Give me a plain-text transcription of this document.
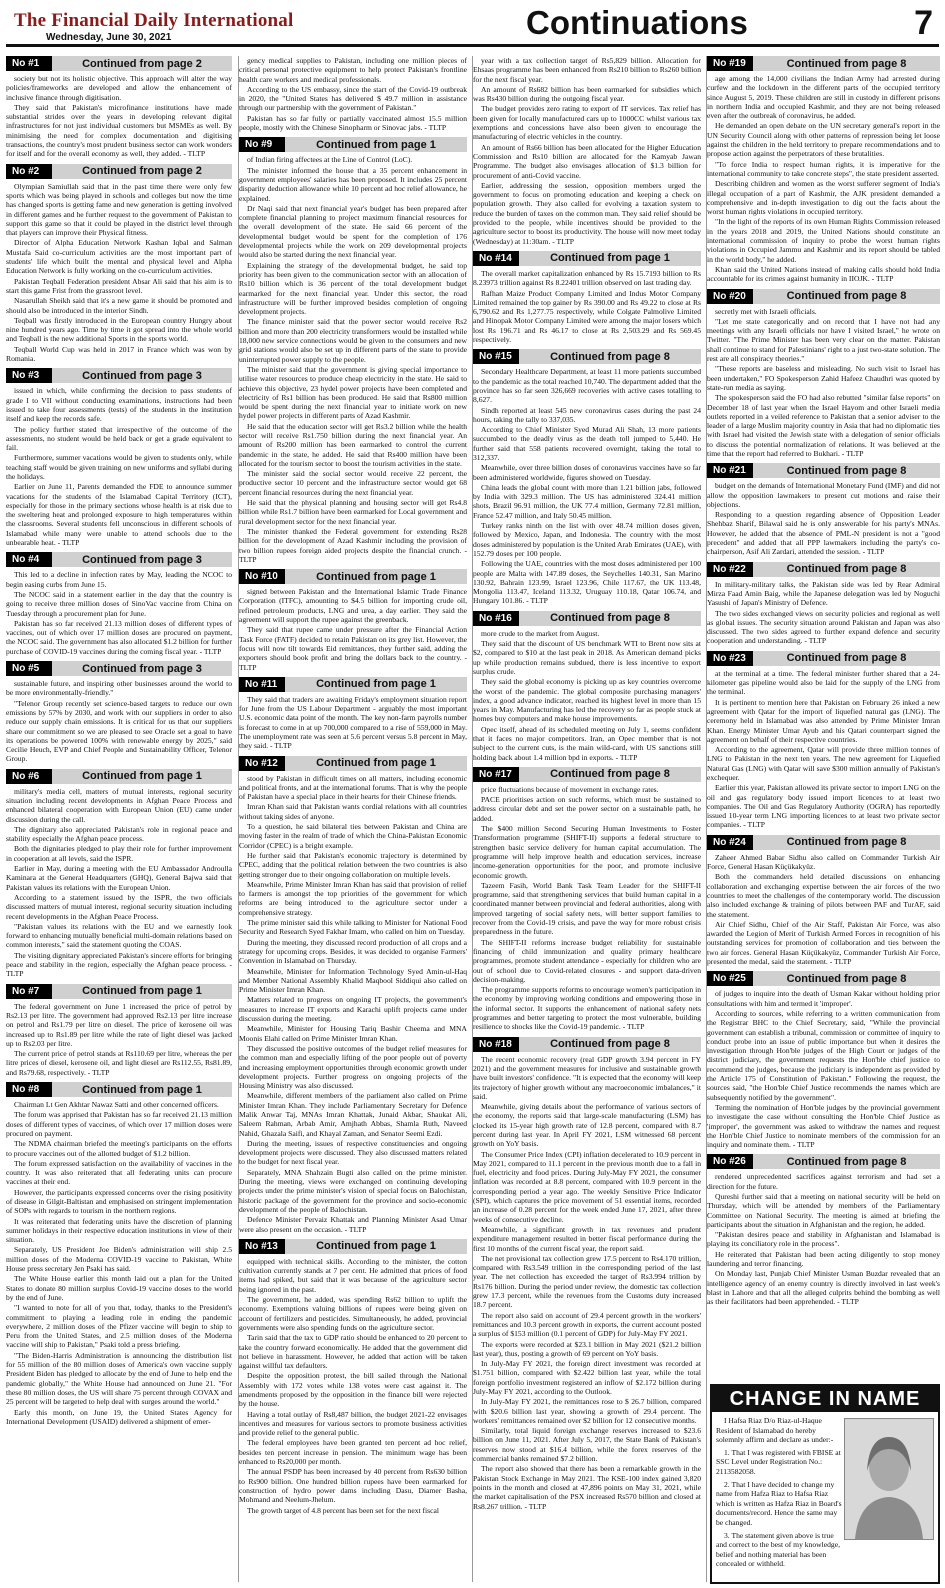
The Financial Daily International
Wednesday, June 30, 2021	Continuations	7
No #1	Continued from page 2

society but not its holistic objective. This approach will alter the way policies/frameworks are developed and allow the enhancement of inclusive finance through digitisation.

They said that Pakistan's microfinance institutions have made substantial strides over the years in developing relevant digital infrastructures for not just individual customers but MSMEs as well. By minimising the need for complex documentation and digitising transactions, the country's most prudent business sector can work wonders for itself and for the overall economy as well, they added. - TLTP

No #2	Continued from page 2

Olympian Samiullah said that in the past time there were only few sports which was being played in schools and colleges but now the time has changed sports is getting fame and new generation is getting involved in different games and he further request to the government of Pakistan to support this game so that it could be played in the district level through that players can improve their Physical fitness.

Director of Alpha Education Network Kashan Iqbal and Salman Mustafa Said co-curriculum activities are the most important part of students' life which built the mental and physical level and Alpha Education Network is fully working on the co-curriculum activities.

Pakistan Teqball Federation president Absar Ali said that his aim is to start this game Frist from the grassroot level.

Nasarullah Sheikh said that it's a new game it should be promoted and should also be introduced in the interior Sindh.

Teqball was firstly introduced in the European country Hungry about nine hundred years ago. Time by time it got spread into the whole world and Teqball is the new additional Sports in the sports world.

Teqball World Cup was held in 2017 in France which was won by Romania.

No #3	Continued from page 3

issued in which, while confirming the decision to pass students of grade I to VII without conducting examinations, instructions had been issued to take four assessments (tests) of the students in the institution itself and keep the records safe.

The policy further stated that irrespective of the outcome of the assessments, no student would be held back or get a grade equivalent to fail.

Furthermore, summer vacations would be given to students only, while teaching staff would be given training on new uniforms and syllabi during the holidays.

Earlier on June 11, Parents demanded the FDE to announce summer vacations for the students of the Islamabad Capital Territory (ICT), especially for those in the primary sections whose health is at risk due to the sweltering heat and prolonged exposure to high temperatures within the classrooms. Several students fell unconscious in different schools of Islamabad while many were unable to attend schools due to the unbearable heat. - TLTP

No #4	Continued from page 3

This led to a decline in infection rates by May, leading the NCOC to begin easing curbs from June 15.

The NCOC said in a statement earlier in the day that the country is going to receive three million doses of SinoVac vaccine from China on Tuesday through a procurement plan for June.

Pakistan has so far received 21.13 million doses of different types of vaccines, out of which over 17 million doses are procured on payment, the NCOC said. The government has also allocated $1.2 billion for further purchase of COVID-19 vaccines during the coming fiscal year. - TLTP

No #5	Continued from page 3

sustainable future, and inspiring other businesses around the world to be more environmentally-friendly."

"Telenor Group recently set science-based targets to reduce our own emissions by 57% by 2030, and work with our suppliers in order to also reduce our supply chain emissions. It is critical for us that our suppliers share our commitment so we are pleased to see Oracle set a goal to have its operations be powered 100% with renewable energy by 2025," said Cecilie Heuch, EVP and Chief People and Sustainability Officer, Telenor Group.

No #6	Continued from page 1

military's media cell, matters of mutual interests, regional security situation including recent developments in Afghan Peace Process and enhanced bilateral cooperation with European Union (EU) came under discussion during the call.

The dignitary also appreciated Pakistan's role in regional peace and stability especially the Afghan peace process.

Both the dignitaries pledged to play their role for further improvement in cooperation at all levels, said the ISPR.

Earlier in May, during a meeting with the EU Ambassador Androulla Kaminara at the General Headquarters (GHQ), General Bajwa said that Pakistan values its relations with the European Union.

According to a statement issued by the ISPR, the two officials discussed matters of mutual interest, regional security situation including recent developments in the Afghan Peace Process.

"Pakistan values its relations with the EU and we earnestly look forward to enhancing mutually beneficial multi-domain relations based on common interests," said the statement quoting the COAS.

The visiting dignitary appreciated Pakistan's sincere efforts for bringing peace and stability in the region, especially the Afghan peace process. - TLTP

No #7	Continued from page 1

The federal government on June 1 increased the price of petrol by Rs2.13 per litre. The government had approved Rs2.13 per litre increase on petrol and Rs1.79 per litre on diesel. The price of kerosene oil was increased up to Rs1.89 per litre while the rate of light diesel was jacked up to Rs2.03 per litre.

The current price of petrol stands at Rs110.69 per litre, whereas the per litre prices of diesel, kerosene oil, and light diesel are Rs112.55, Rs81.89, and Rs79.68, respectively. - TLTP

No #8	Continued from page 1

Chairman Lt Gen Akhtar Nawaz Satti and other concerned officers.

The forum was apprised that Pakistan has so far received 21.13 million doses of different types of vaccines, of which over 17 million doses were procured on payment.

The NDMA chairman briefed the meeting's participants on the efforts to procure vaccines out of the allotted budget of $1.2 billion.

The forum expressed satisfaction on the availability of vaccines in the country. It was also reiterated that all federating units can procure vaccines at their end.

However, the participants expressed concerns over the rising positivity of disease in Gilgit-Baltistan and emphasised on stringent implementation of SOPs with regards to tourism in the northern regions.

It was reiterated that federating units have the discretion of planning summer holidays in their respective education institutions in view of their situation.

Separately, US President Joe Biden's administration will ship 2.5 million doses of the Moderna COVID-19 vaccine to Pakistan, White House press secretary Jen Psaki has said.

The White House earlier this month laid out a plan for the United States to donate 80 million surplus Covid-19 vaccine doses to the world by the end of June.

"I wanted to note for all of you that, today, thanks to the President's commitment to playing a leading role in ending the pandemic everywhere, 2 million doses of the Pfizer vaccine will begin to ship to Peru from the United States, and 2.5 million doses of the Moderna vaccine will ship to Pakistan," Psaki told a press briefing.

"The Biden-Harris Administration is announcing the distribution list for 55 million of the 80 million doses of America's own vaccine supply President Biden has pledged to allocate by the end of June to help end the pandemic globally," the White House had announced on June 21. "For these 80 million doses, the US will share 75 percent through COVAX and 25 percent will be targeted to help deal with surges around the world."

Early this month, on June 19, the United States Agency for International Development (USAID) delivered a shipment of emer-

gency medical supplies to Pakistan, including one million pieces of critical personal protective equipment to help protect Pakistan's frontline health care workers and medical professionals.

According to the US embassy, since the start of the Covid-19 outbreak in 2020, the "United States has delivered $ 49.7 million in assistance through our partnership with the government of Pakistan."

Pakistan has so far fully or partially vaccinated almost 15.5 million people, mostly with the Chinese Sinopharm or Sinovac jabs. - TLTP

No #9	Continued from page 1

of Indian firing affectees at the Line of Control (LoC).

The minister informed the house that a 35 percent enhancement in government employees' salaries has been proposed. It includes 25 percent disparity deduction allowance while 10 percent ad hoc relief allowance, he explained.

Dr Naqi said that next financial year's budget has been prepared after complete financial planning to project maximum financial resources for the overall development of the state. He said 66 percent of the developmental budget would be spent for the completion of 176 developmental projects while the work on 209 developmental projects would also be started during the next financial year.

Explaining the strategy of the developmental budget, he said top priority has been given to the communication sector with an allocation of Rs10 billion which is 36 percent of the total development budget earmarked for the next financial year. Under this sector, the road infrastructure will be further improved besides completion of ongoing development projects.

The finance minister said that the power sector would receive Rs2 billion and more than 200 electricity transformers would be installed while 18,000 new service connections would be given to the consumers and new grid stations would also be set up in different parts of the state to provide uninterrupted power supply to the people.

The minister said that the government is giving special importance to utilise water resources to produce cheap electricity in the state. He said to achieve this objective, 23 hydel power projects have been completed and electricity of Rs1 billion has been produced. He said that Rs800 million would be spent during the next financial year to initiate work on new hydel power projects in different parts of Azad Kashmir.

He said that the education sector will get Rs3.2 billion while the health sector will receive Rs1.750 billion during the next financial year. An amount of Rs200 million has been earmarked to control the current pandemic in the state, he added. He said that Rs400 million have been allocated for the tourism sector to boost the tourism activities in the state.

The minister said the social sector would receive 22 percent, the productive sector 10 percent and the infrastructure sector would get 68 percent financial resources during the next financial year.

He said that the physical planning and housing sector will get Rs4.8 billion while Rs1.7 billion have been earmarked for Local government and rural development sector for the next financial year.

The minister thanked the Federal government for extending Rs28 billion for the development of Azad Kashmir including the provision of two billion rupees foreign aided projects despite the financial crunch. - TLTP

No #10	Continued from page 1

signed between Pakistan and the International Islamic Trade Finance Corporation (ITFC), amounting to $4.5 billion for importing crude oil, refined petroleum products, LNG and urea, a day earlier. They said the agreement will support the rupee against the greenback.

They said that rupee came under pressure after the Financial Action Task Force (FATF) decided to retain Pakistan on its grey list. However, the focus will now tilt towards Eid remittances, they further said, adding the exporters should book profit and bring the dollars back to the country. - TLTP

No #11	Continued from page 1

They said that traders are awaiting Friday's employment situation report for June from the US Labour Department - arguably the most important U.S. economic data point of the month. The key non-farm payrolls number is forecast to come in at up 700,000 compared to a rise of 559,000 in May. The unemployment rate was seen at 5.6 percent versus 5.8 percent in May, they said. - TLTP

No #12	Continued from page 1

stood by Pakistan in difficult times on all matters, including economic and political fronts, and at the international forums. That is why the people of Pakistan have a special place in their hearts for their Chinese friends.

Imran Khan said that Pakistan wants cordial relations with all countries without taking sides of anyone.

To a question, he said bilateral ties between Pakistan and China are moving faster in the realm of trade of which the China-Pakistan Economic Corridor (CPEC) is a bright example.

He further said that Pakistan's economic trajectory is determined by CPEC, adding that the political relation between the two countries is also getting stronger due to their ongoing collaboration on multiple levels.

Meanwhile, Prime Minister Imran Khan has said that provision of relief to farmers is amongst the top priorities of the government for which reforms are being introduced to the agriculture sector under a comprehensive strategy.

The prime minister said this while talking to Minister for National Food Security and Research Syed Fakhar Imam, who called on him on Tuesday.

During the meeting, they discussed record production of all crops and a strategy for upcoming crops. Besides, it was decided to organise Farmers' Convention in Islamabad on Thursday.

Meanwhile, Minister for Information Technology Syed Amin-ul-Haq and Member National Assembly Khalid Maqbool Siddiqui also called on Prime Minister Imran Khan.

Matters related to progress on ongoing IT projects, the government's measures to increase IT exports and Karachi uplift projects came under discussion during the meeting.

Meanwhile, Minister for Housing Tariq Bashir Cheema and MNA Moonis Elahi called on Prime Minister Imran Khan.

They discussed the positive outcomes of the budget relief measures for the common man and especially lifting of the poor people out of poverty and increasing employment opportunities through economic growth under development projects. Further progress on ongoing projects of the Housing Ministry was also discussed.

Meanwhile, different members of the parliament also called on Prime Minister Imran Khan. They include Parliamentary Secretary for Defence Malik Anwar Taj, MNAs Imran Khattak, Junaid Akbar, Shaukat Ali, Saleem Rahman, Arbab Amir, Amjhath Abbas, Shamla Ruth, Naveed Nahid, Ghazala Saifi, and Khayal Zaman, and Senator Seemi Ezdi.

During the meeting, issues of respective constituencies and ongoing development projects were discussed. They also discussed matters related to the budget for next fiscal year.

Separately, MNA Shahzain Bugti also called on the prime minister. During the meeting, views were exchanged on continuing developing projects under the prime minister's vision of special focus on Balochistan, historic package of the government for the province and socio-economic development of the people of Balochistan.

Defence Minister Pervaiz Khattak and Planning Minister Asad Umar were also present on the occasion. - TLTP

No #13	Continued from page 1

equipped with technical skills. According to the minister, the cotton cultivation currently stands at 7 per cent. He admitted that prices of food items had spiked, but said that it was because of the agriculture sector being ignored in the past.

The government, he added, was spending Rs62 billion to uplift the economy. Exemptions valuing billions of rupees were being given on account of fertilizers and pesticides. Simultaneously, he added, provincial governments were also spending funds on the agriculture sector.

Tarin said that the tax to GDP ratio should be enhanced to 20 percent to take the country forward economically. He added that the government did not believe in harassment. However, he added that action will be taken against willful tax defaulters.

Despite the opposition protest, the bill sailed through the National Assembly with 172 votes while 138 votes were cast against it. The amendments proposed by the opposition in the finance bill were rejected by the house.

Having a total outlay of Rs8,487 billion, the budget 2021-22 envisages incentives and measures for various sectors to promote business activities and provide relief to the general public.

The federal employees have been granted ten percent ad hoc relief, besides ten percent increase in pension. The minimum wage has been enhanced to Rs20,000 per month.

The annual PSDP has been increased by 40 percent from Rs630 billion to Rs900 billion. One hundred billion rupees have been earmarked for construction of hydro power dams including Dasu, Diamer Basha, Mohmand and Neelum-Jhelum.

The growth target of 4.8 percent has been set for the next fiscal

year with a tax collection target of Rs5,829 billion. Allocation for Ehsaas programme has been enhanced from Rs210 billion to Rs260 billion for the next fiscal year.

An amount of Rs682 billion has been earmarked for subsidies which was Rs430 billion during the outgoing fiscal year.

The budget provides zero rating to export of IT services. Tax relief has been given for locally manufactured cars up to 1000CC whilst various tax exemptions and concessions have also been given to encourage the manufacturing of electric vehicles in the country.

An amount of Rs66 billion has been allocated for the Higher Education Commission and Rs10 billion are allocated for the Kamyab Jawan Programme. The budget also envisages allocation of $1.3 billion for procurement of anti-Covid vaccine.

Earlier, addressing the session, opposition members urged the government to focus on promoting education and keeping a check on population growth. They also called for evolving a taxation system to reduce the burden of taxes on the common man. They said relief should be provided to the people, while incentives should be provided to the agriculture sector to boost its productivity. The house will now meet today (Wednesday) at 11:30am. - TLTP

No #14	Continued from page 1

The overall market capitalization enhanced by Rs 15.7193 billion to Rs 8.23973 trillion against Rs 8.22401 trillion observed on last trading day.

Rafhan Maize Product Company Limited and Indus Motor Company Limited remained the top gainer by Rs 390.00 and Rs 49.22 to close at Rs 6,790.62 and Rs 1,277.75 respectively, while Colgate Palmolive Limited and Hinopak Motor Company Limited were among the major losers which lost Rs 196.71 and Rs 46.17 to close at Rs 2,503.29 and Rs 569.45 respectively.

No #15	Continued from page 8

Secondary Healthcare Department, at least 11 more patients succumbed to the pandemic as the total reached 10,740. The department added that the province has so far seen 326,669 recoveries with active cases totalling to 8,627.

Sindh reported at least 545 new coronavirus cases during the past 24 hours, taking the tally to 337,035.

According to Chief Minister Syed Murad Ali Shah, 13 more patients succumbed to the deadly virus as the death toll jumped to 5,440. He further said that 558 patients recovered overnight, taking the total to 312,337.

Meanwhile, over three billion doses of coronavirus vaccines have so far been administered worldwide, figures showed on Tuesday.

China leads the global count with more than 1.21 billion jabs, followed by India with 329.3 million. The US has administered 324.41 million shots, Brazil 96.91 million, the UK 77.4 million, Germany 72.81 million, France 52.47 million, and Italy 50.45 million.

Turkey ranks ninth on the list with over 48.74 million doses given, followed by Mexico, Japan, and Indonesia. The country with the most doses administered by population is the United Arab Emirates (UAE), with 152.79 doses per 100 people.

Following the UAE, countries with the most doses administered per 100 people are Malta with 147.89 doses, the Seychelles 140.31, San Marino 130.92, Bahrain 123.99, Israel 123.96, Chile 117.67, the UK 113.48, Mongolia 113.47, Iceland 113.32, Uruguay 110.18, Qatar 106.74, and Hungary 101.86. - TLTP

No #16	Continued from page 8

more crude to the market from August.

They said that the discount of US benchmark WTI to Brent now sits at $2, compared to $10 at the last peak in 2018. As American demand picks up while production remains subdued, there is less incentive to export surplus crude.

They said the global economy is picking up as key countries overcome the worst of the pandemic. The global composite purchasing managers' index, a good advance indicator, reached its highest level in more than 15 years in May. Manufacturing has led the recovery so far as people stuck at homes buy computers and make house improvements.

Opec itself, ahead of its scheduled meeting on July 1, seems confident that it faces no major competitors. Iran, an Opec member that is not subject to the current cuts, is the main wild-card, with US sanctions still holding back about 1.4 million bpd in exports. - TLTP

No #17	Continued from page 8

price fluctuations because of movement in exchange rates.

PACE prioritises action on such reforms, which must be sustained to address circular debt and set the power sector on a sustainable path, he added.

The $400 million Second Securing Human Investments to Foster Transformation programme (SHIFT-II) supports a federal structure to strengthen basic service delivery for human capital accumulation. The programme will help improve health and education services, increase income-generation opportunities for the poor, and promote inclusive economic growth.

Tazeem Fasih, World Bank Task Team Leader for the SHIFT-II programme, said that strengthening services that build human capital in a coordinated manner between provincial and federal authorities, along with improved targeting of social safety nets, will better support families to recover from the Covid-19 crisis, and pave the way for more robust crisis preparedness in the future.

The SHIFT-II reforms increase budget reliability for sustainable financing of child immunization and quality primary healthcare programmes, promote student attendance - especially for children who are out of school due to Covid-related closures - and support data-driven decision-making.

The programme supports reforms to encourage women's participation in the economy by improving working conditions and empowering those in the informal sector. It supports the enhancement of national safety nets programmes and better targeting to protect the most vulnerable, building resilience to shocks like the Covid-19 pandemic. - TLTP

No #18	Continued from page 8

The recent economic recovery (real GDP growth 3.94 percent in FY 2021) and the government measures for inclusive and sustainable growth have built investors' confidence. "It is expected that the economy will keep its trajectory of higher growth without any macroeconomic imbalances," it said.

Meanwhile, giving details about the performance of various sectors of the economy, the reports said that large-scale manufacturing (LSM) has clocked its 15-year high growth rate of 12.8 percent, compared with 8.7 percent during last year. In April FY 2021, LSM witnessed 68 percent growth on YoY basis.

The Consumer Price Index (CPI) inflation decelerated to 10.9 percent in May 2021, compared to 11.1 percent in the previous month due to a fall in fuel, electricity and food prices. During July-May FY 2021, the consumer inflation was recorded at 8.8 percent, compared with 10.9 percent in the corresponding period a year ago. The weekly Sensitive Price Indicator (SPI), which captures the price movement of 51 essential items, recorded an increase of 0.28 percent for the week ended June 17, 2021, after three weeks of consecutive decline.

Meanwhile, a significant growth in tax revenues and prudent expenditure management resulted in better fiscal performance during the first 10 months of the current fiscal year, the report said.

The net provisional tax collection grew 17.5 percent to Rs4.170 trillion, compared with Rs3.549 trillion in the corresponding period of the last year. The net collection has exceeded the target of Rs3.994 trillion by Rs176 billion. During the period under review, the domestic tax collection grew 17.3 percent, while the revenues from the Customs duty increased 18.7 percent.

The report also said on account of 29.4 percent growth in the workers' remittances and 10.3 percent growth in exports, the current account posted a surplus of $153 million (0.1 percent of GDP) for July-May FY 2021.

The exports were recorded at $23.1 billion in May 2021 ($21.2 billion last year), thus, posting a growth of 69 percent on YoY basis.

In July-May FY 2021, the foreign direct investment was recorded at $1.751 billion, compared with $2.422 billion last year, while the total foreign portfolio investment registered an inflow of $2.172 billion during July-May FY 2021, according to the Outlook.

In July-May FY 2021, the remittances rose to $ 26.7 billion, compared with $20.6 billion last year, showing a growth of 29.4 percent. The workers' remittances remained over $2 billion for 12 consecutive months.

Similarly, total liquid foreign exchange reserves increased to $23.6 billion on June 11, 2021. After July 5, 2017, the State Bank of Pakistan's reserves now stood at $16.4 billion, while the forex reserves of the commercial banks remained $7.2 billion.

The report also showed that there has been a remarkable growth in the Pakistan Stock Exchange in May 2021. The KSE-100 index gained 3,820 points in the month and closed at 47,896 points on May 31, 2021, while the market capitalisation of the PSX increased Rs570 billion and closed at Rs8.267 trillion. - TLTP

No #19	Continued from page 8

age among the 14,000 civilians the Indian Army had arrested during curfew and the lockdown in the different parts of the occupied territory since August 5, 2019. These children are still in custody in different prisons in northern India and occupied Kashmir, and they are not being released even after the outbreak of coronavirus, he added.

He demanded an open debate on the UN secretary general's report in the UN Security Council along with other patterns of repression being let loose against the children in the held territory to prepare recommendations and to propose action against the perpetrators of these brutalities.

"To force India to respect human rights, it is imperative for the international community to take concrete steps", the state president asserted.

Describing children and women as the worst sufferer segment of India's illegal occupation of a part of Kashmir, the AJK president demanded a comprehensive and in-depth investigation to dig out the facts about the worst human rights violations in occupied territory.

"In the light of the reports of its own Human Rights Commission released in the years 2018 and 2019, the United Nations should constitute an international commission of inquiry to probe the worst human rights violations in Occupied Jammu and Kashmir and its report should be tabled in the world body," he added.

Khan said the United Nations instead of making calls should hold India accountable for its crimes against humanity in IIOJK. - TLTP

No #20	Continued from page 8

secretly met with Israeli officials.

"Let me state categorically and on record that I have not had any meetings with any Israeli officials nor have I visited Israel," he wrote on Twitter. "The Prime Minister has been very clear on the matter. Pakistan shall continue to stand for Palestinians' right to a just two-state solution. The rest are all conspiracy theories."

"These reports are baseless and misleading. No such visit to Israel has been undertaken," FO Spokesperson Zahid Hafeez Chaudhri was quoted by state-run media as saying.

The spokesperson said the FO had also rebutted "similar false reports" on December 18 of last year when the Israel Hayom and other Israeli media outlets reported in a veiled reference to Pakistan that a senior adviser to the leader of a large Muslim majority country in Asia that had no diplomatic ties with Israel had visited the Jewish state with a delegation of senior officials to discuss the potential normalization of relations. It was believed at the time that the report had referred to Bukhari. - TLTP

No #21	Continued from page 8

budget on the demands of International Monetary Fund (IMF) and did not allow the opposition lawmakers to present cut motions and raise their objections.

Responding to a question regarding absence of Opposition Leader Shehbaz Sharif, Bilawal said he is only answerable for his party's MNAs. However, he added that the absence of PML-N president is not a "good precedent" and added that all PPP lawmakers including the party's co-chairperson, Asif Ali Zardari, attended the session. - TLTP

No #22	Continued from page 8

In military-military talks, the Pakistan side was led by Rear Admiral Mirza Faad Amin Baig, while the Japanese delegation was led by Noguchi Yasushi of Japan's Ministry of Defence.

The two sides exchanged views on security policies and regional as well as global issues. The security situation around Pakistan and Japan was also discussed. The two sides agreed to further expand defence and security cooperation and understanding. - TLTP

No #23	Continued from page 8

at the terminal at a time. The federal minister further shared that a 24-kilometer gas pipeline would also be laid for the supply of the LNG from the terminal.

It is pertinent to mention here that Pakistan on February 26 inked a new agreement with Qatar for the import of liquefied natural gas (LNG). The ceremony held in Islamabad was also attended by Prime Minister Imran Khan. Energy Minister Umar Ayub and his Qatari counterpart signed the agreement on behalf of their respective countries.

According to the agreement, Qatar will provide three million tonnes of LNG to Pakistan in the next ten years. The new agreement for Liquefied Natural Gas (LNG) with Qatar will save $300 million annually of Pakistan's exchequer.

Earlier this year, Pakistan allowed its private sector to import LNG on the oil and gas regulatory body issued import licences to at least two companies. The Oil and Gas Regulatory Authority (OGRA) has reportedly issued 10-year term LNG importing licences to at least two private sector companies. - TLTP

No #24	Continued from page 8

Zaheer Ahmed Babar Sidhu also called on Commander Turkish Air Force, General Hasan Küçükakyüz.

Both the commanders held detailed discussions on enhancing collaboration and exchanging expertise between the air forces of the two countries to meet the challenges of the contemporary world. The discussion also included exchange & training of pilots between PAF and TurAF, said the statement.

Air Chief Sidhu, Chief of the Air Staff, Pakistan Air Force, was also awarded the Legion of Merit of Turkish Armed Forces in recognition of his outstanding services for promotion of collaboration and ties between the two air forces. General Hasan Küçükakyüz, Commander Turkish Air Force, presented the medal, said the statement. - TLTP

No #25	Continued from page 8

of judges to inquire into the death of Usman Kakar without holding prior consultations with him and termed it 'improper'.

According to sources, while referring to a written communication from the Registrar BHC to the Chief Secretary, said, "While the provincial government can establish a tribunal, commission or committee of inquiry to conduct probe into an issue of public importance but when it desires the investigation through Hon'ble judges of the High Court or judges of the district judiciary, the government requests the Hon'ble chief justice to recommend the judges, because the judiciary is independent as provided by the Article 175 of Constitution of Pakistan." Following the request, the sources said, "the Hon'ble Chief Justice recommends the names which are subsequently notified by the government".

Terming the nomination of Hon'ble judges by the provincial government to investigate the case without consulting the Hon'ble Chief Justice as 'improper', the government was asked to withdraw the names and request the Hon'ble Chief Justice to nominate members of the commission for an inquiry and nominate them. - TLTP

No #26	Continued from page 8

rendered unprecedented sacrifices against terrorism and had set a direction for the future.

Qureshi further said that a meeting on national security will be held on Thursday, which will be attended by members of the Parliamentary Committee on National Security. The meeting is aimed at briefing the participants about the situation in Afghanistan and the region, he added.

"Pakistan desires peace and stability in Afghanistan and Islamabad is playing its conciliatory role in the process".

He reiterated that Pakistan had been acting diligently to stop money laundering and terror financing.

On Monday last, Punjab Chief Minister Usman Buzdar revealed that an intelligence agency of an enemy country is directly involved in last week's blast in Lahore and that all the alleged culprits behind the bombing as well as their facilitators had been apprehended. - TLTP

CHANGE IN NAME

I Hafsa Riaz D/o Riaz-ul-Haque Resident of Islamabad do hereby solemnly affirm and declare as under:-

1. That I was registered with FBISE at SSC Level under Registration No.: 2113582058.

2. That I have decided to change my name from Hafza Riaz to Hafsa Riaz which is written as Hafza Riaz in Board's documents/record. Hence the same may be changed.

3. The statement given above is true and correct to the best of my knowledge, belief and nothing material has been concealed or withheld.
